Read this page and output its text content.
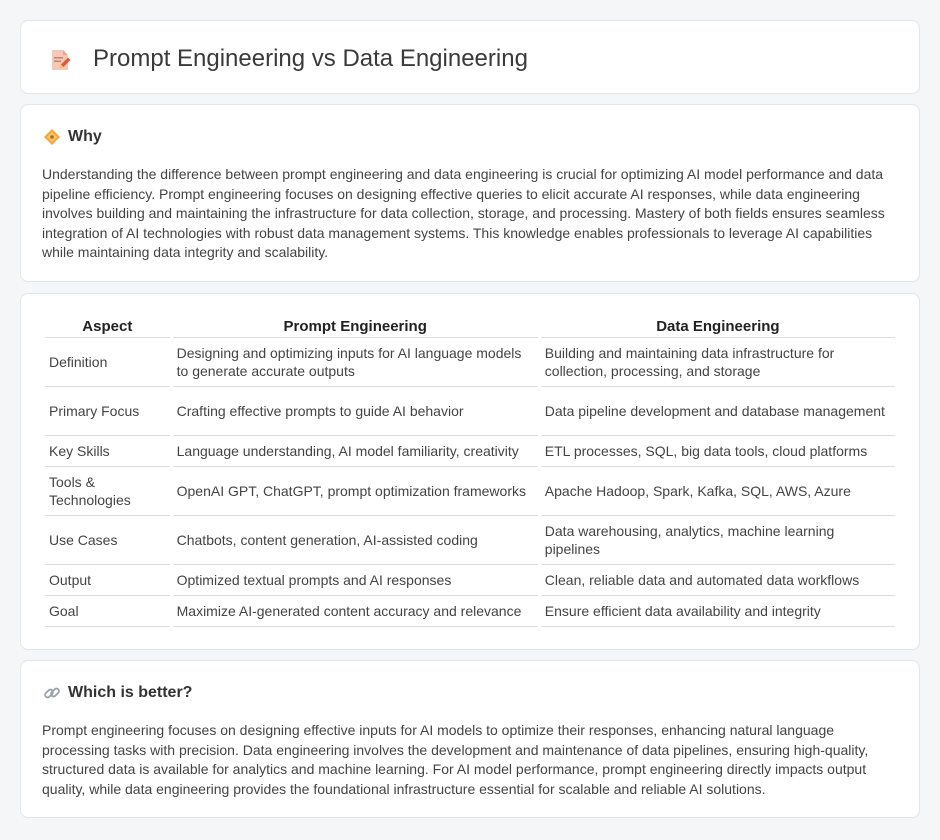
Prompt Engineering vs Data Engineering
Why

Understanding the difference between prompt engineering and data engineering is crucial for optimizing AI model performance and data pipeline efficiency. Prompt engineering focuses on designing effective queries to elicit accurate AI responses, while data engineering involves building and maintaining the infrastructure for data collection, storage, and processing. Mastery of both fields ensures seamless integration of AI technologies with robust data management systems. This knowledge enables professionals to leverage AI capabilities while maintaining data integrity and scalability.

Aspect	Prompt Engineering	Data Engineering
Definition	Designing and optimizing inputs for AI language models to generate accurate outputs	Building and maintaining data infrastructure for collection, processing, and storage
Primary Focus	Crafting effective prompts to guide AI behavior	Data pipeline development and database management
Key Skills	Language understanding, AI model familiarity, creativity	ETL processes, SQL, big data tools, cloud platforms
Tools & Technologies	OpenAI GPT, ChatGPT, prompt optimization frameworks	Apache Hadoop, Spark, Kafka, SQL, AWS, Azure
Use Cases	Chatbots, content generation, AI-assisted coding	Data warehousing, analytics, machine learning pipelines
Output	Optimized textual prompts and AI responses	Clean, reliable data and automated data workflows
Goal	Maximize AI-generated content accuracy and relevance	Ensure efficient data availability and integrity
Which is better?

Prompt engineering focuses on designing effective inputs for AI models to optimize their responses, enhancing natural language processing tasks with precision. Data engineering involves the development and maintenance of data pipelines, ensuring high-quality, structured data is available for analytics and machine learning. For AI model performance, prompt engineering directly impacts output quality, while data engineering provides the foundational infrastructure essential for scalable and reliable AI solutions.
